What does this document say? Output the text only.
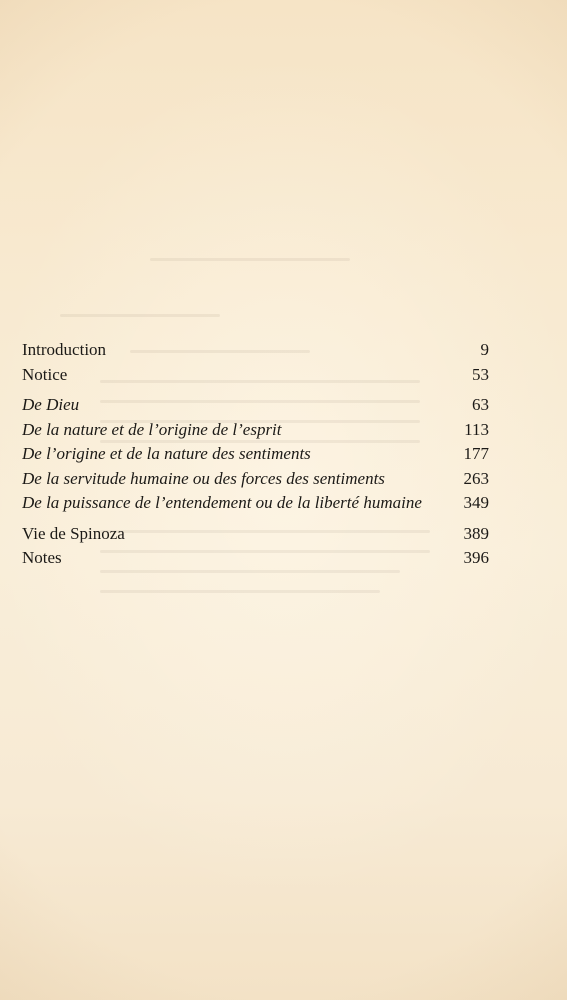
Introduction	9
Notice	53
De Dieu	63
De la nature et de l’origine de l’esprit	113
De l’origine et de la nature des sentiments	177
De la servitude humaine ou des forces des sentiments	263
De la puissance de l’entendement ou de la liberté humaine	349
Vie de Spinoza	389
Notes	396
